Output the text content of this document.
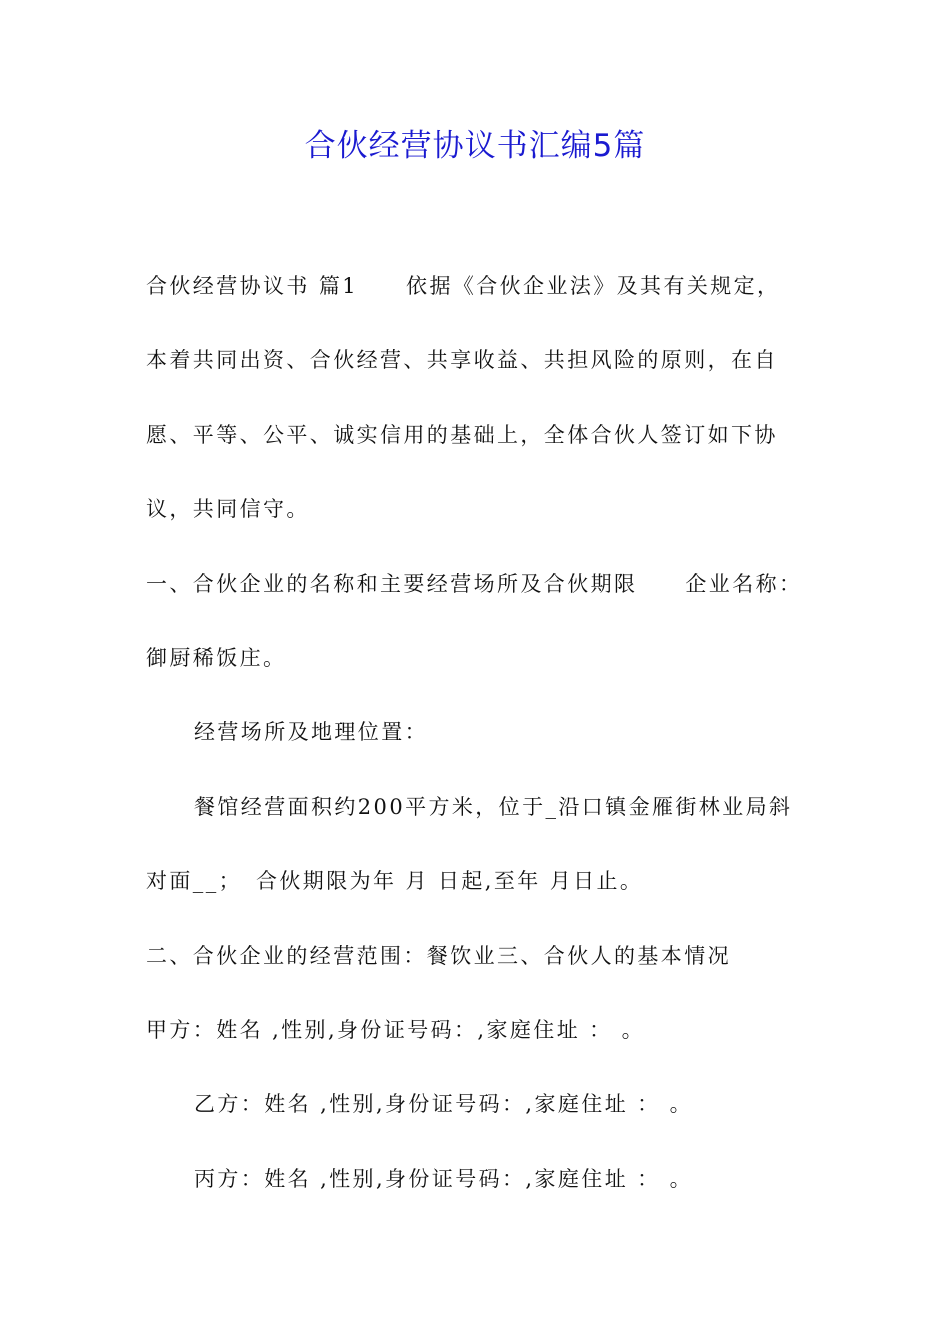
合伙经营协议书汇编5篇
合伙经营协议书 篇1 依据《合伙企业法》及其有关规定，
本着共同出资、合伙经营、共享收益、共担风险的原则，在自
愿、平等、公平、诚实信用的基础上，全体合伙人签订如下协
议，共同信守。
一、合伙企业的名称和主要经营场所及合伙期限 企业名称：
御厨稀饭庄。
经营场所及地理位置：
餐馆经营面积约200平方米，位于_沿口镇金雁街林业局斜
对面__； 合伙期限为年 月 日起,至年 月日止。
二、合伙企业的经营范围：餐饮业三、合伙人的基本情况
甲方：姓名 ,性别,身份证号码：,家庭住址 ： 。
乙方：姓名 ,性别,身份证号码：,家庭住址 ： 。
丙方：姓名 ,性别,身份证号码：,家庭住址 ： 。
